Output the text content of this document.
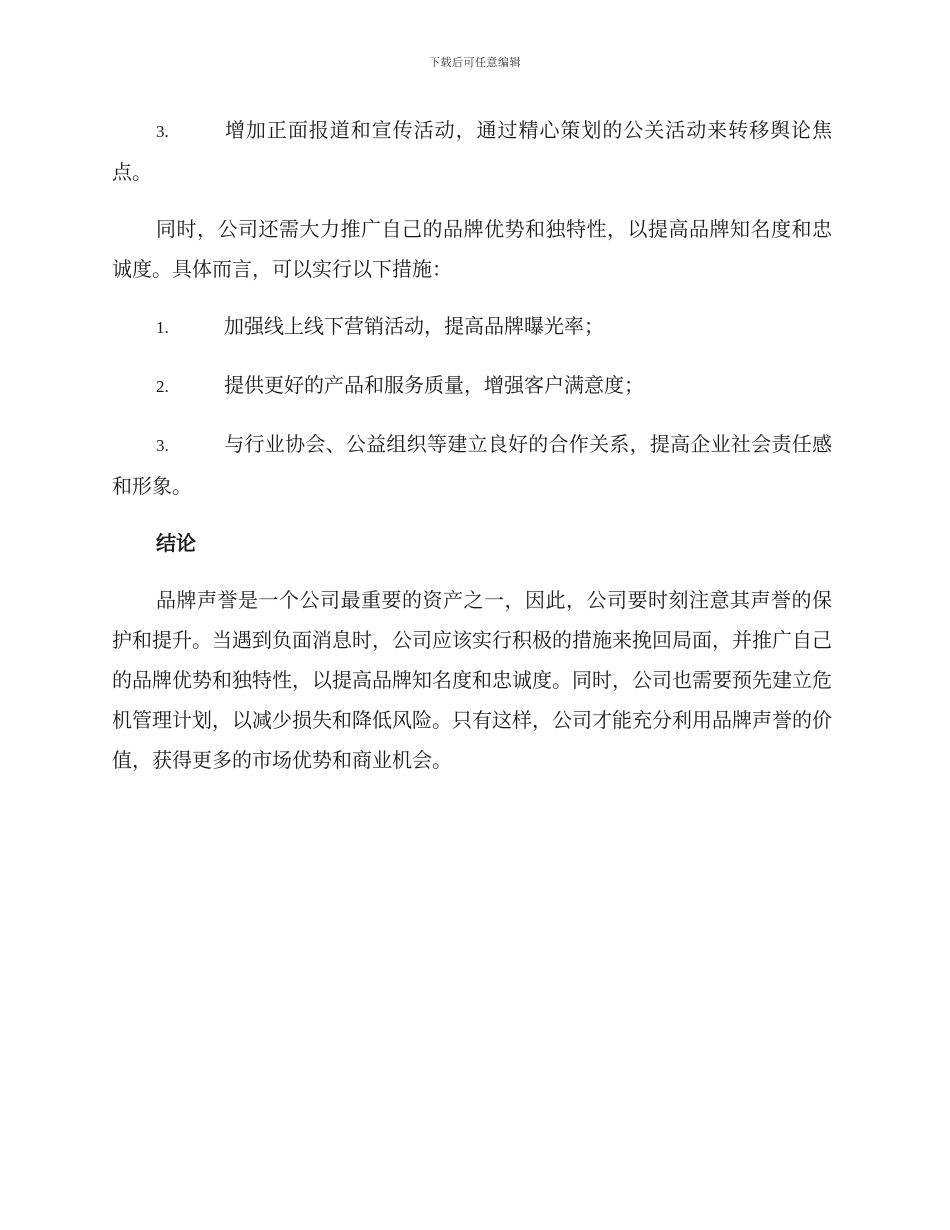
下载后可任意编辑

3.	增加正面报道和宣传活动，通过精心策划的公关活动来转移舆论焦点。

同时，公司还需大力推广自己的品牌优势和独特性，以提高品牌知名度和忠诚度。具体而言，可以实行以下措施：

1.	加强线上线下营销活动，提高品牌曝光率；

2.	提供更好的产品和服务质量，增强客户满意度；

3.	与行业协会、公益组织等建立良好的合作关系，提高企业社会责任感和形象。

结论

品牌声誉是一个公司最重要的资产之一，因此，公司要时刻注意其声誉的保护和提升。当遇到负面消息时，公司应该实行积极的措施来挽回局面，并推广自己的品牌优势和独特性，以提高品牌知名度和忠诚度。同时，公司也需要预先建立危机管理计划，以减少损失和降低风险。只有这样，公司才能充分利用品牌声誉的价值，获得更多的市场优势和商业机会。
